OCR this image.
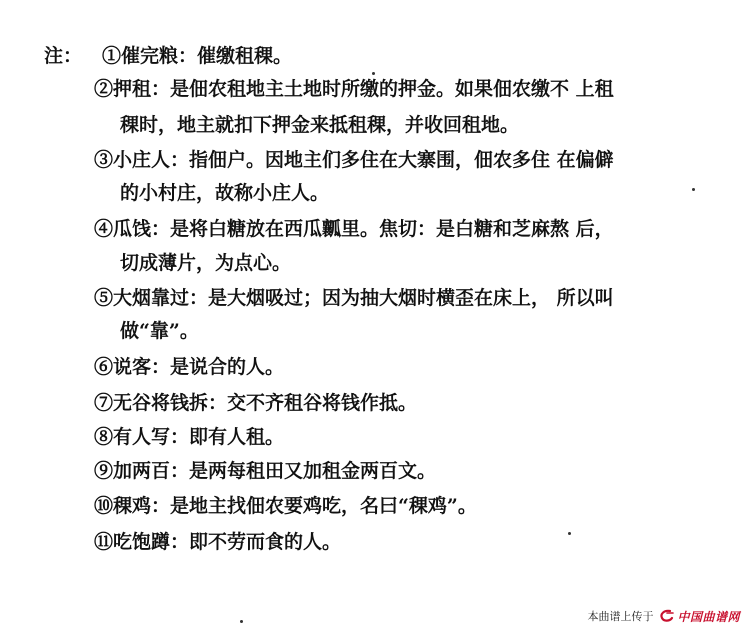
注： ①催完粮：催缴租稞。
②押租：是佃农租地主土地时所缴的押金。如果佃农缴不 上租
稞时，地主就扣下押金来抵租稞，并收回租地。
③小庄人：指佃户。因地主们多住在大寨围，佃农多住 在偏僻
的小村庄，故称小庄人。
④瓜饯：是将白糖放在西瓜瓤里。焦切：是白糖和芝麻熬 后，
切成薄片，为点心。
⑤大烟靠过：是大烟吸过；因为抽大烟时横歪在床上， 所以叫
做“靠”。
⑥说客：是说合的人。
⑦无谷将钱拆：交不齐租谷将钱作抵。
⑧有人写：即有人租。
⑨加两百：是两每租田又加租金两百文。
⑩稞鸡：是地主找佃农要鸡吃，名曰“稞鸡”。
⑪吃饱蹲：即不劳而食的人。
本曲谱上传于 中国曲谱网
